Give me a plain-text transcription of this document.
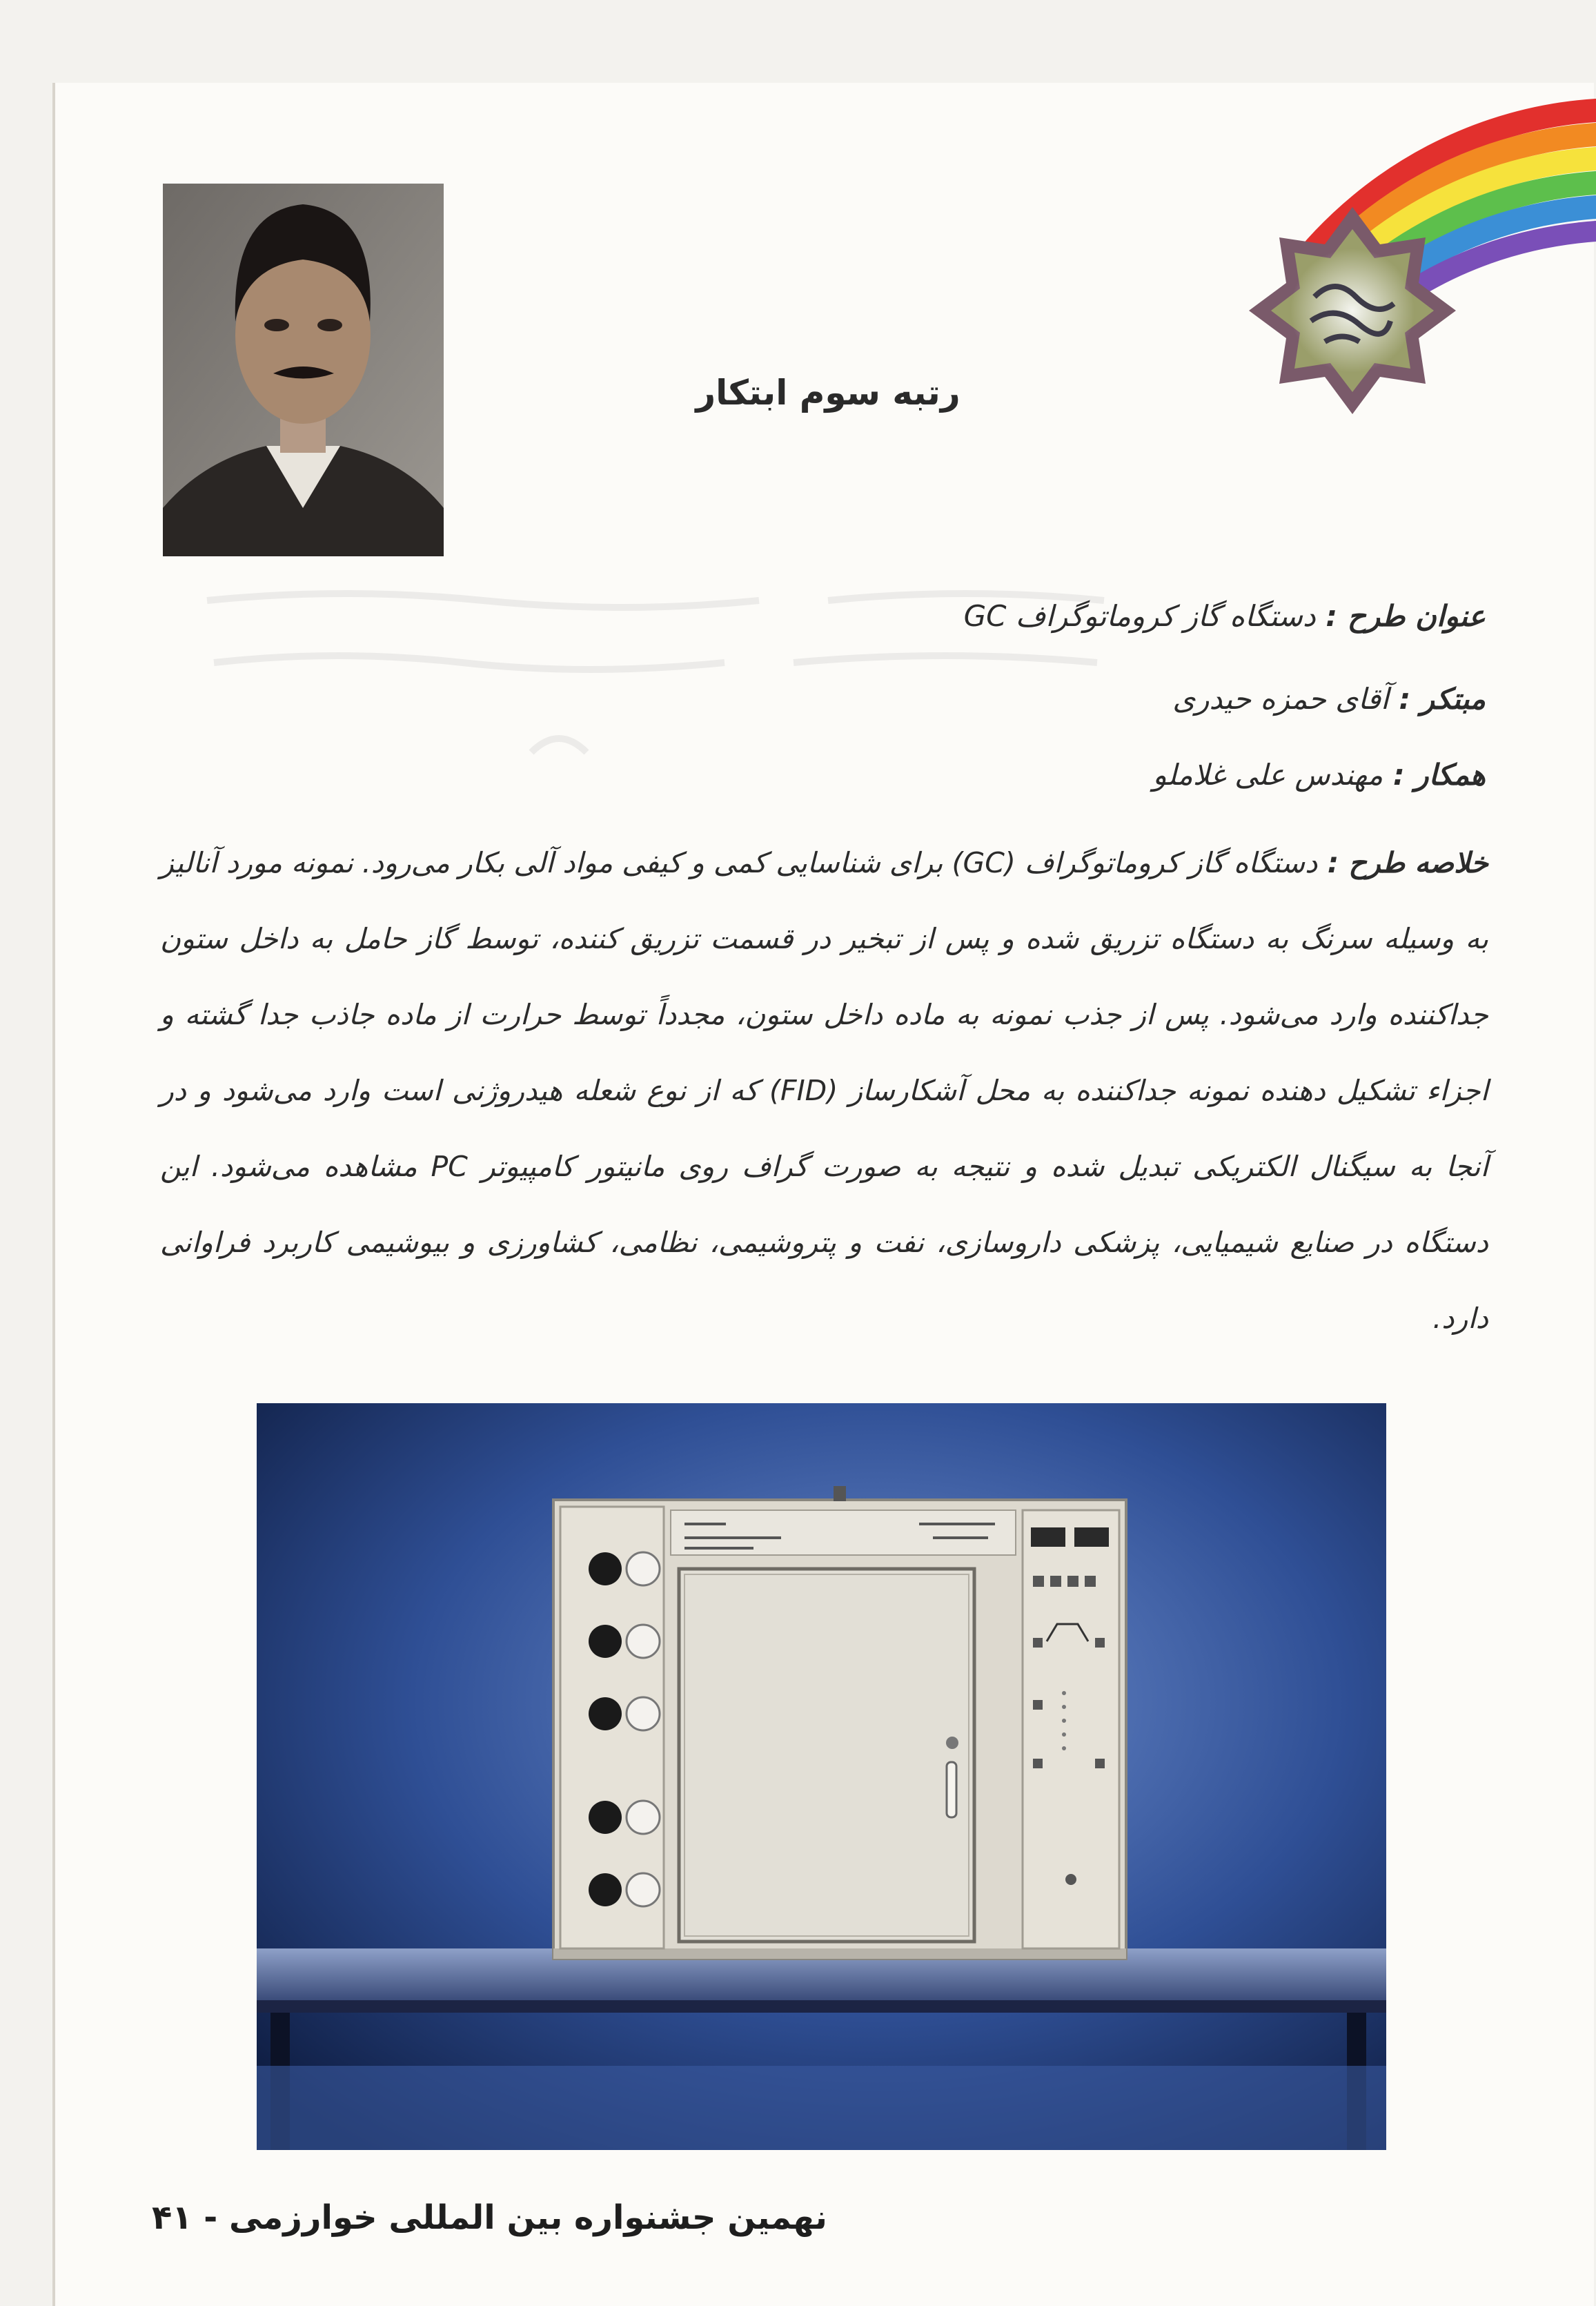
رتبه سوم ابتکار
عنوان طرح : دستگاه گاز کروماتوگراف GC
مبتکر : آقای حمزه حیدری
همکار : مهندس علی غلاملو
خلاصه طرح : دستگاه گاز کروماتوگراف (GC) برای شناسایی کمی و کیفی مواد آلی بکار می‌رود. نمونه مورد آنالیز به وسیله سرنگ به دستگاه تزریق شده و پس از تبخیر در قسمت تزریق کننده، توسط گاز حامل به داخل ستون جداکننده وارد می‌شود. پس از جذب نمونه به ماده داخل ستون، مجدداً توسط حرارت از ماده جاذب جدا گشته و اجزاء تشکیل دهنده نمونه جداکننده به محل آشکارساز (FID) که از نوع شعله هیدروژنی است وارد می‌شود و در آنجا به سیگنال الکتریکی تبدیل شده و نتیجه به صورت گراف روی مانیتور کامپیوتر PC مشاهده می‌شود. این دستگاه در صنایع شیمیایی، پزشکی داروسازی، نفت و پتروشیمی، نظامی، کشاورزی و بیوشیمی کاربرد فراوانی دارد.
نهمین جشنواره بین المللی خوارزمی - ۴۱
